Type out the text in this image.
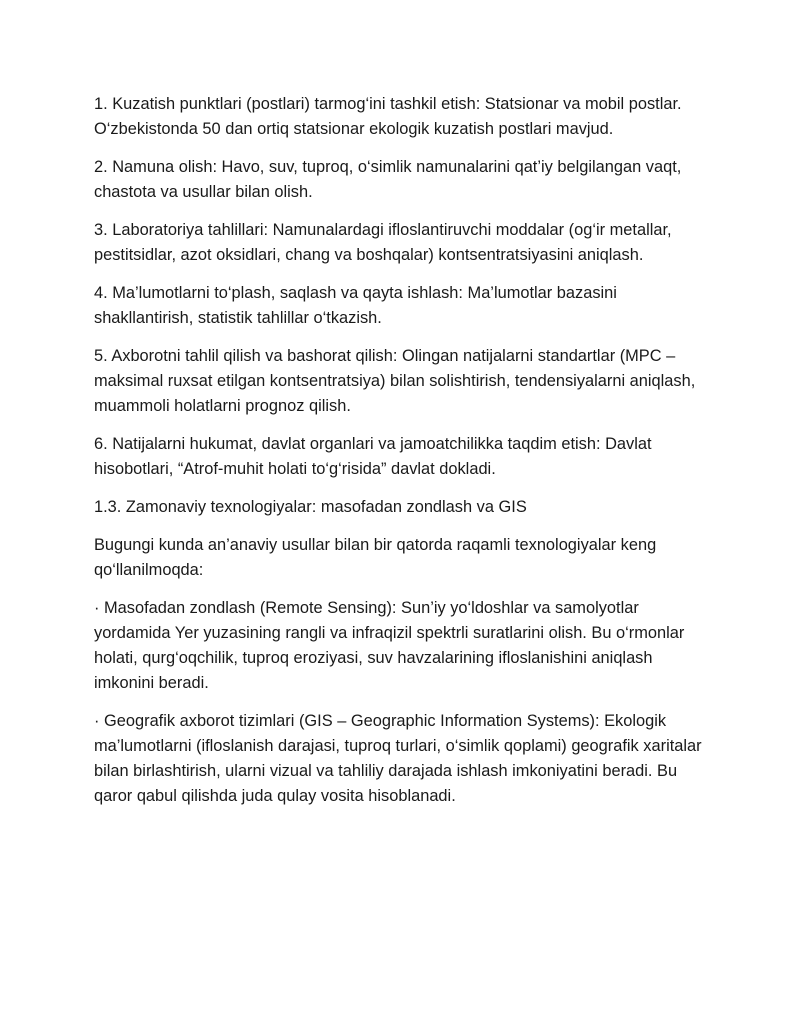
1. Kuzatish punktlari (postlari) tarmog‘ini tashkil etish: Statsionar va mobil postlar. O‘zbekistonda 50 dan ortiq statsionar ekologik kuzatish postlari mavjud.

2. Namuna olish: Havo, suv, tuproq, o‘simlik namunalarini qat’iy belgilangan vaqt, chastota va usullar bilan olish.

3. Laboratoriya tahlillari: Namunalardagi ifloslantiruvchi moddalar (og‘ir metallar, pestitsidlar, azot oksidlari, chang va boshqalar) kontsentratsiyasini aniqlash.

4. Ma’lumotlarni to‘plash, saqlash va qayta ishlash: Ma’lumotlar bazasini shakllantirish, statistik tahlillar o‘tkazish.

5. Axborotni tahlil qilish va bashorat qilish: Olingan natijalarni standartlar (MPC – maksimal ruxsat etilgan kontsentratsiya) bilan solishtirish, tendensiyalarni aniqlash, muammoli holatlarni prognoz qilish.

6. Natijalarni hukumat, davlat organlari va jamoatchilikka taqdim etish: Davlat hisobotlari, “Atrof-muhit holati to‘g‘risida” davlat dokladi.

1.3. Zamonaviy texnologiyalar: masofadan zondlash va GIS

Bugungi kunda an’anaviy usullar bilan bir qatorda raqamli texnologiyalar keng qo‘llanilmoqda:

· Masofadan zondlash (Remote Sensing): Sun’iy yo‘ldoshlar va samolyotlar yordamida Yer yuzasining rangli va infraqizil spektrli suratlarini olish. Bu o‘rmonlar holati, qurg‘oqchilik, tuproq eroziyasi, suv havzalarining ifloslanishini aniqlash imkonini beradi.

· Geografik axborot tizimlari (GIS – Geographic Information Systems): Ekologik ma’lumotlarni (ifloslanish darajasi, tuproq turlari, o‘simlik qoplami) geografik xaritalar bilan birlashtirish, ularni vizual va tahliliy darajada ishlash imkoniyatini beradi. Bu qaror qabul qilishda juda qulay vosita hisoblanadi.
